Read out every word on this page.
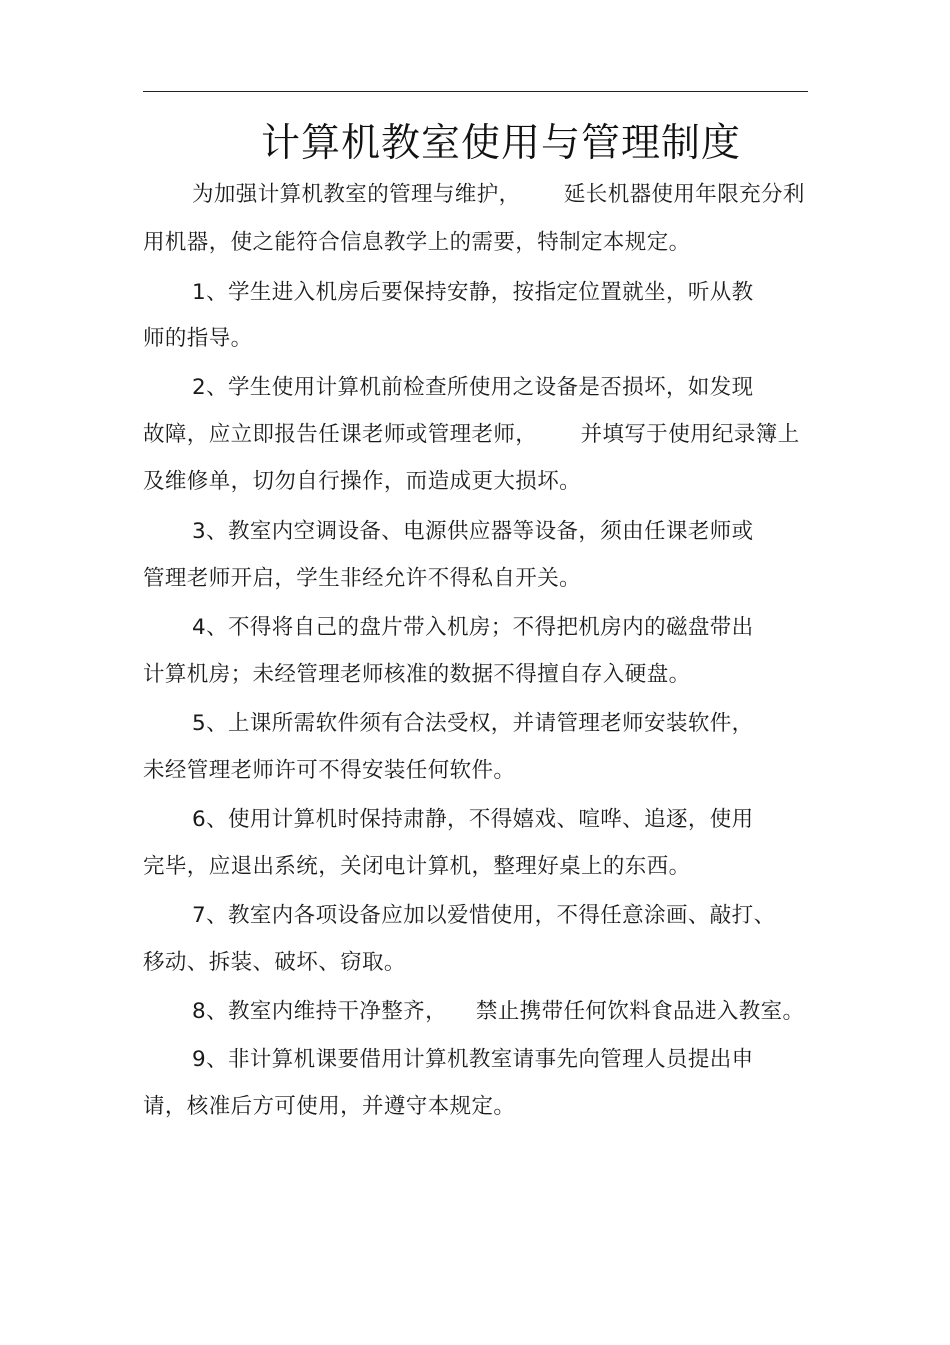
计算机教室使用与管理制度
为加强计算机教室的管理与维护，      延长机器使用年限充分利
用机器，使之能符合信息教学上的需要，特制定本规定。
1、学生进入机房后要保持安静，按指定位置就坐，听从教
师的指导。
2、学生使用计算机前检查所使用之设备是否损坏，如发现
故障，应立即报告任课老师或管理老师，      并填写于使用纪录簿上
及维修单，切勿自行操作，而造成更大损坏。
3、教室内空调设备、电源供应器等设备，须由任课老师或
管理老师开启，学生非经允许不得私自开关。
4、不得将自己的盘片带入机房；不得把机房内的磁盘带出
计算机房；未经管理老师核准的数据不得擅自存入硬盘。
5、上课所需软件须有合法受权，并请管理老师安装软件，
未经管理老师许可不得安装任何软件。
6、使用计算机时保持肃静，不得嬉戏、喧哗、追逐，使用
完毕，应退出系统，关闭电计算机，整理好桌上的东西。
7、教室内各项设备应加以爱惜使用，不得任意涂画、敲打、
移动、拆装、破坏、窃取。
8、教室内维持干净整齐，    禁止携带任何饮料食品进入教室。
9、非计算机课要借用计算机教室请事先向管理人员提出申
请，核准后方可使用，并遵守本规定。
